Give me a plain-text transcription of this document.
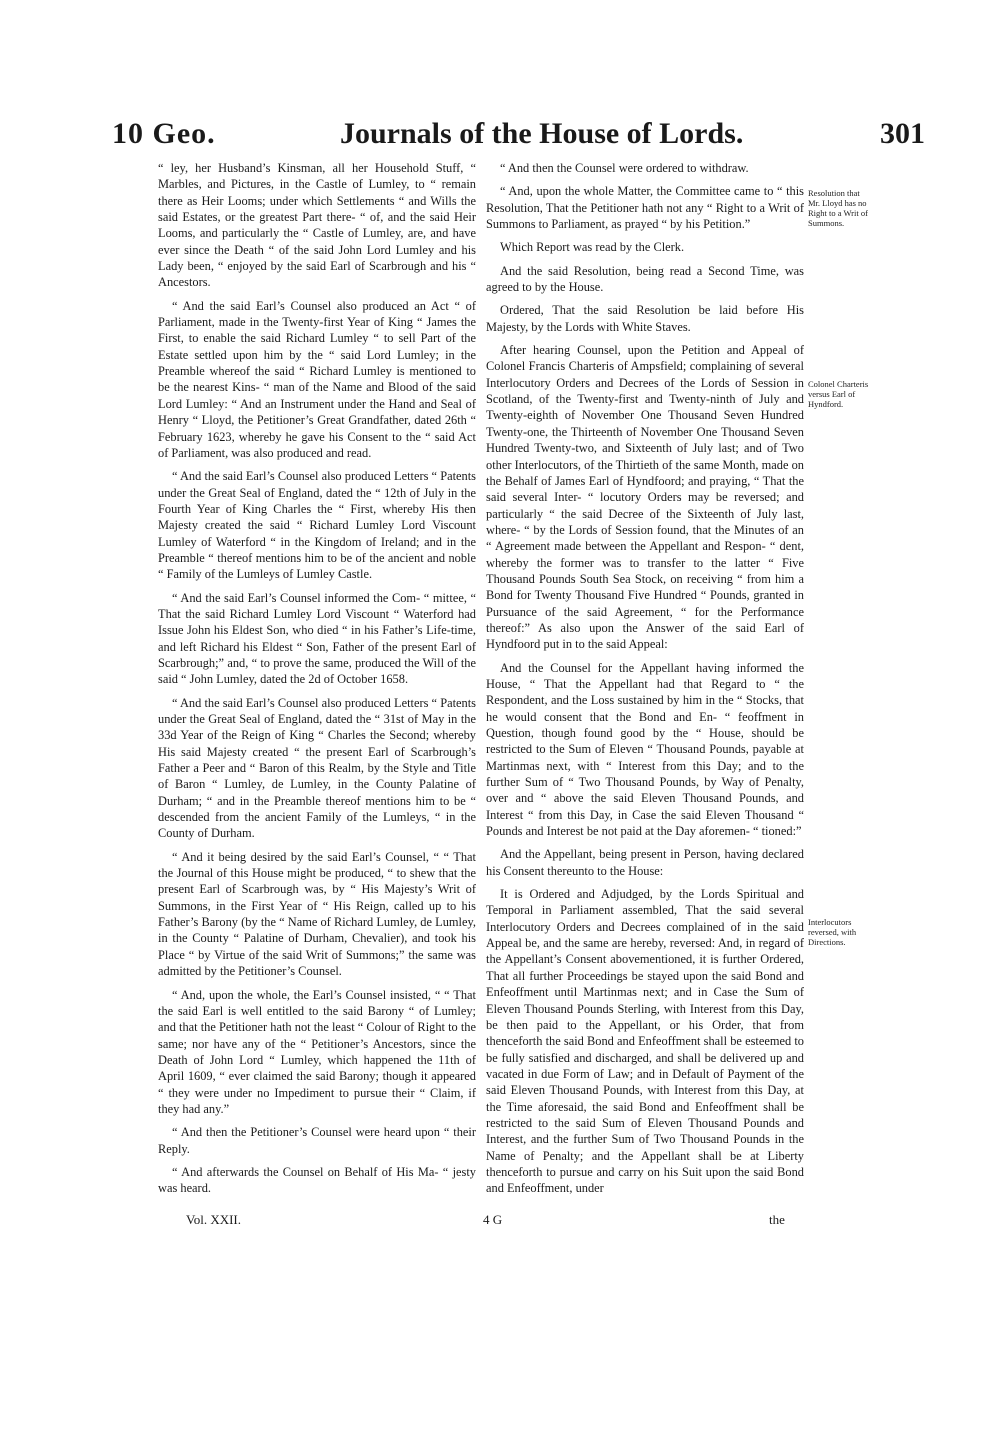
10 Geo.	Journals of the House of Lords.	301

“ ley, her Husband’s Kinsman, all her Household Stuff, “ Marbles, and Pictures, in the Castle of Lumley, to “ remain there as Heir Looms; under which Settlements “ and Wills the said Estates, or the greatest Part there- “ of, and the said Heir Looms, and particularly the “ Castle of Lumley, are, and have ever since the Death “ of the said John Lord Lumley and his Lady been, “ enjoyed by the said Earl of Scarbrough and his “ Ancestors.

“ And the said Earl’s Counsel also produced an Act “ of Parliament, made in the Twenty-first Year of King “ James the First, to enable the said Richard Lumley “ to sell Part of the Estate settled upon him by the “ said Lord Lumley; in the Preamble whereof the said “ Richard Lumley is mentioned to be the nearest Kins- “ man of the Name and Blood of the said Lord Lumley: “ And an Instrument under the Hand and Seal of Henry “ Lloyd, the Petitioner’s Great Grandfather, dated 26th “ February 1623, whereby he gave his Consent to the “ said Act of Parliament, was also produced and read.

“ And the said Earl’s Counsel also produced Letters “ Patents under the Great Seal of England, dated the “ 12th of July in the Fourth Year of King Charles the “ First, whereby His then Majesty created the said “ Richard Lumley Lord Viscount Lumley of Waterford “ in the Kingdom of Ireland; and in the Preamble “ thereof mentions him to be of the ancient and noble “ Family of the Lumleys of Lumley Castle.

“ And the said Earl’s Counsel informed the Com- “ mittee, “ That the said Richard Lumley Lord Viscount “ Waterford had Issue John his Eldest Son, who died “ in his Father’s Life-time, and left Richard his Eldest “ Son, Father of the present Earl of Scarbrough;” and, “ to prove the same, produced the Will of the said “ John Lumley, dated the 2d of October 1658.

“ And the said Earl’s Counsel also produced Letters “ Patents under the Great Seal of England, dated the “ 31st of May in the 33d Year of the Reign of King “ Charles the Second; whereby His said Majesty created “ the present Earl of Scarbrough’s Father a Peer and “ Baron of this Realm, by the Style and Title of Baron “ Lumley, de Lumley, in the County Palatine of Durham; “ and in the Preamble thereof mentions him to be “ descended from the ancient Family of the Lumleys, “ in the County of Durham.

“ And it being desired by the said Earl’s Counsel, “ “ That the Journal of this House might be produced, “ to shew that the present Earl of Scarbrough was, by “ His Majesty’s Writ of Summons, in the First Year of “ His Reign, called up to his Father’s Barony (by the “ Name of Richard Lumley, de Lumley, in the County “ Palatine of Durham, Chevalier), and took his Place “ by Virtue of the said Writ of Summons;” the same was admitted by the Petitioner’s Counsel.

“ And, upon the whole, the Earl’s Counsel insisted, “ “ That the said Earl is well entitled to the said Barony “ of Lumley; and that the Petitioner hath not the least “ Colour of Right to the same; nor have any of the “ Petitioner’s Ancestors, since the Death of John Lord “ Lumley, which happened the 11th of April 1609, “ ever claimed the said Barony; though it appeared “ they were under no Impediment to pursue their “ Claim, if they had any.”

“ And then the Petitioner’s Counsel were heard upon “ their Reply.

“ And afterwards the Counsel on Behalf of His Ma- “ jesty was heard.

“ And then the Counsel were ordered to withdraw.

“ And, upon the whole Matter, the Committee came to “ this Resolution, That the Petitioner hath not any “ Right to a Writ of Summons to Parliament, as prayed “ by his Petition.”

Which Report was read by the Clerk.

And the said Resolution, being read a Second Time, was agreed to by the House.

Ordered, That the said Resolution be laid before His Majesty, by the Lords with White Staves.

After hearing Counsel, upon the Petition and Appeal of Colonel Francis Charteris of Ampsfield; complaining of several Interlocutory Orders and Decrees of the Lords of Session in Scotland, of the Twenty-first and Twenty-ninth of July and Twenty-eighth of November One Thousand Seven Hundred Twenty-one, the Thirteenth of November One Thousand Seven Hundred Twenty-two, and Sixteenth of July last; and of Two other Interlocutors, of the Thirtieth of the same Month, made on the Behalf of James Earl of Hyndfoord; and praying, “ That the said several Inter- “ locutory Orders may be reversed; and particularly “ the said Decree of the Sixteenth of July last, where- “ by the Lords of Session found, that the Minutes of an “ Agreement made between the Appellant and Respon- “ dent, whereby the former was to transfer to the latter “ Five Thousand Pounds South Sea Stock, on receiving “ from him a Bond for Twenty Thousand Five Hundred “ Pounds, granted in Pursuance of the said Agreement, “ for the Performance thereof:” As also upon the Answer of the said Earl of Hyndfoord put in to the said Appeal:

And the Counsel for the Appellant having informed the House, “ That the Appellant had that Regard to “ the Respondent, and the Loss sustained by him in the “ Stocks, that he would consent that the Bond and En- “ feoffment in Question, though found good by the “ House, should be restricted to the Sum of Eleven “ Thousand Pounds, payable at Martinmas next, with “ Interest from this Day; and to the further Sum of “ Two Thousand Pounds, by Way of Penalty, over and “ above the said Eleven Thousand Pounds, and Interest “ from this Day, in Case the said Eleven Thousand “ Pounds and Interest be not paid at the Day aforemen- “ tioned:”

And the Appellant, being present in Person, having declared his Consent thereunto to the House:

It is Ordered and Adjudged, by the Lords Spiritual and Temporal in Parliament assembled, That the said several Interlocutory Orders and Decrees complained of in the said Appeal be, and the same are hereby, reversed: And, in regard of the Appellant’s Consent abovementioned, it is further Ordered, That all further Proceedings be stayed upon the said Bond and Enfeoffment until Martinmas next; and in Case the Sum of Eleven Thousand Pounds Sterling, with Interest from this Day, be then paid to the Appellant, or his Order, that from thenceforth the said Bond and Enfeoffment shall be esteemed to be fully satisfied and discharged, and shall be delivered up and vacated in due Form of Law; and in Default of Payment of the said Eleven Thousand Pounds, with Interest from this Day, at the Time aforesaid, the said Bond and Enfeoffment shall be restricted to the said Sum of Eleven Thousand Pounds and Interest, and the further Sum of Two Thousand Pounds in the Name of Penalty; and the Appellant shall be at Liberty thenceforth to pursue and carry on his Suit upon the said Bond and Enfeoffment, under

Resolution that Mr. Lloyd has no Right to a Writ of Summons.
Colonel Charteris versus Earl of Hyndford.
Interlocutors reversed, with Directions.
Vol. XXII.	4 G	the
